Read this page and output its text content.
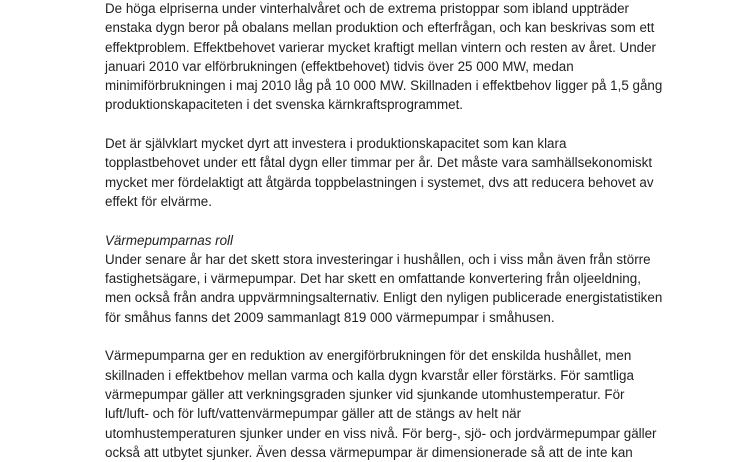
De höga elpriserna under vinterhalvåret och de extrema pristoppar som ibland uppträder
enstaka dygn beror på obalans mellan produktion och efterfrågan, och kan beskrivas som ett
effektproblem. Effektbehovet varierar mycket kraftigt mellan vintern och resten av året. Under
januari 2010 var elförbrukningen (effektbehovet) tidvis över 25 000 MW, medan
minimiförbrukningen i maj 2010 låg på 10 000 MW. Skillnaden i effektbehov ligger på 1,5 gång
produktionskapaciteten i det svenska kärnkraftsprogrammet.
Det är självklart mycket dyrt att investera i produktionskapacitet som kan klara
topplastbehovet under ett fåtal dygn eller timmar per år. Det måste vara samhällsekonomiskt
mycket mer fördelaktigt att åtgärda toppbelastningen i systemet, dvs att reducera behovet av
effekt för elvärme.
Värmepumparnas roll
Under senare år har det skett stora investeringar i hushållen, och i viss mån även från större
fastighetsägare, i värmepumpar. Det har skett en omfattande konvertering från oljeeldning,
men också från andra uppvärmningsalternativ. Enligt den nyligen publicerade energistatistiken
för småhus fanns det 2009 sammanlagt 819 000 värmepumpar i småhusen.
Värmepumparna ger en reduktion av energiförbrukningen för det enskilda hushållet, men
skillnaden i effektbehov mellan varma och kalla dygn kvarstår eller förstärks. För samtliga
värmepumpar gäller att verkningsgraden sjunker vid sjunkande utomhustemperatur. För
luft/luft- och för luft/vattenvärmepumpar gäller att de stängs av helt när
utomhustemperaturen sjunker under en viss nivå. För berg-, sjö- och jordvärmepumpar gäller
också att utbytet sjunker. Även dessa värmepumpar är dimensionerade så att de inte kan
